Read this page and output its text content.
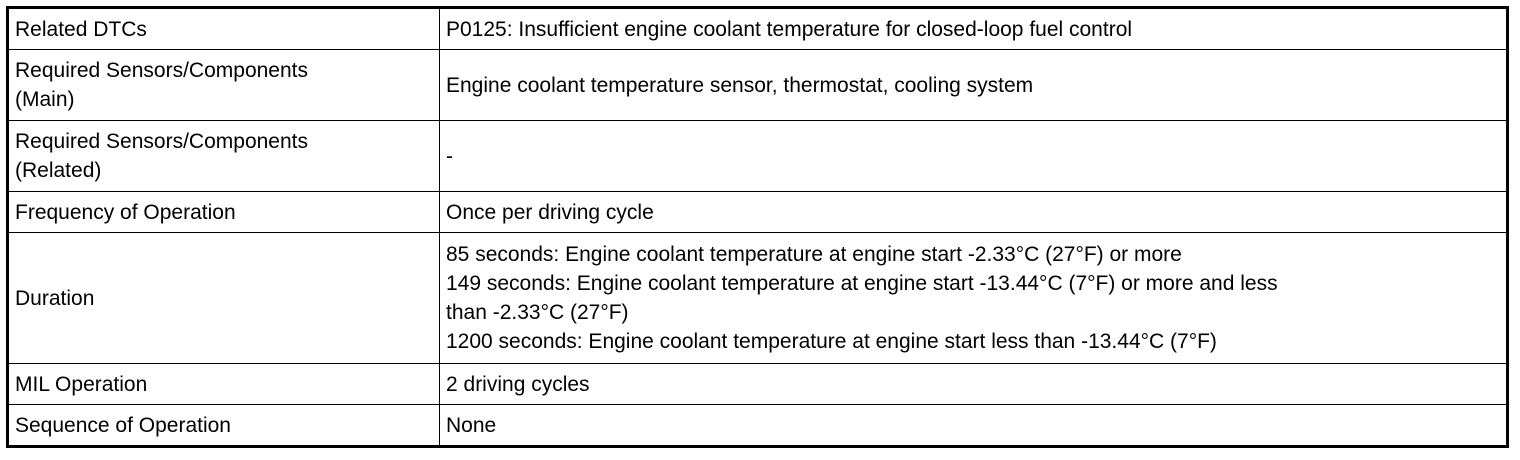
Related DTCs	P0125: Insufficient engine coolant temperature for closed-loop fuel control

Required Sensors/Components
(Main)	Engine coolant temperature sensor, thermostat, cooling system

Required Sensors/Components
(Related)	-
Frequency of Operation	Once per driving cycle
Duration	85 seconds: Engine coolant temperature at engine start -2.33°C (27°F) or more
149 seconds: Engine coolant temperature at engine start -13.44°C (7°F) or more and less
than -2.33°C (27°F)
1200 seconds: Engine coolant temperature at engine start less than -13.44°C (7°F)

MIL Operation	2 driving cycles
Sequence of Operation	None
